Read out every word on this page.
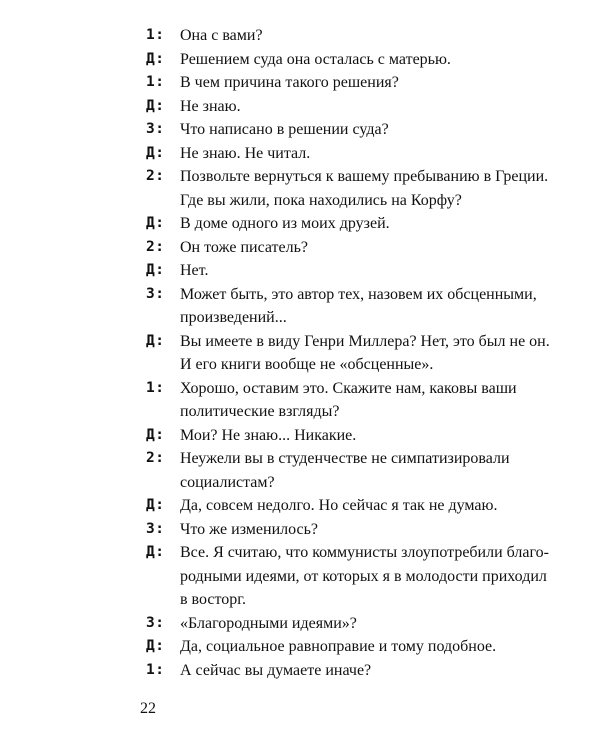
1: Она с вами?
Д: Решением суда она осталась с матерью.
1: В чем причина такого решения?
Д: Не знаю.
3: Что написано в решении суда?
Д: Не знаю. Не читал.
2: Позвольте вернуться к вашему пребыванию в Греции.
Где вы жили, пока находились на Корфу?
Д: В доме одного из моих друзей.
2: Он тоже писатель?
Д: Нет.
3: Может быть, это автор тех, назовем их обсценными,
произведений...
Д: Вы имеете в виду Генри Миллера? Нет, это был не он.
И его книги вообще не «обсценные».
1: Хорошо, оставим это. Скажите нам, каковы ваши
политические взгляды?
Д: Мои? Не знаю... Никакие.
2: Неужели вы в студенчестве не симпатизировали
социалистам?
Д: Да, совсем недолго. Но сейчас я так не думаю.
3: Что же изменилось?
Д: Все. Я считаю, что коммунисты злоупотребили благо-
родными идеями, от которых я в молодости приходил
в восторг.
3: «Благородными идеями»?
Д: Да, социальное равноправие и тому подобное.
1: А сейчас вы думаете иначе?
22
